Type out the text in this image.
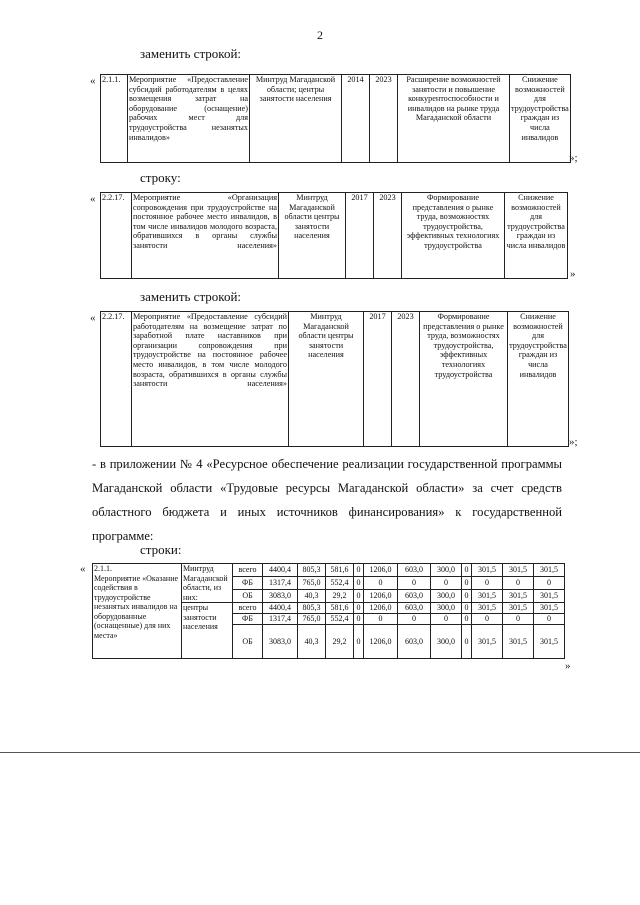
2
заменить строкой:
« 2.1.1.	Мероприятие «Предоставление субсидий работодателям в целях возмещения затрат на оборудование (оснащение) рабочих мест для трудоустройства незанятых инвалидов»	Минтруд Магаданской области; центры занятости населения	2014	2023	Расширение возможностей занятости и повышение конкурентоспособности и инвалидов на рынке труда Магаданской области	Снижение возможностей для трудоустройства граждан из числа инвалидов
»;
строку:
« 2.2.17.	Мероприятие «Организация сопровождения при трудоустройстве на постоянное рабочее место инвалидов, в том числе инвалидов молодого возраста, обратившихся в органы службы занятости населения»	Минтруд Магаданской области центры занятости населения	2017	2023	Формирование представления о рынке труда, возможностях трудоустройства, эффективных технологиях трудоустройства	Снижение возможностей для трудоустройства граждан из числа инвалидов
»
заменить строкой:
« 2.2.17.	Мероприятие «Предоставление субсидий работодателям на возмещение затрат по заработной плате наставников при организации сопровождения при трудоустройстве на постоянное рабочее место инвалидов, в том числе молодого возраста, обратившихся в органы службы занятости населения»	Минтруд Магаданской области центры занятости населения	2017	2023	Формирование представления о рынке труда, возможностях трудоустройства, эффективных технологиях трудоустройства	Снижение возможностей для трудоустройства граждан из числа инвалидов
»;
- в приложении № 4 «Ресурсное обеспечение реализации государственной программы Магаданской области «Трудовые ресурсы Магаданской области» за счет средств областного бюджета и иных источников финансирования» к государственной программе:
строки:
« 2.1.1.
Мероприятие «Оказание содействия в трудоустройстве незанятых инвалидов на оборудованные (оснащенные) для них места»	Минтруд Магаданской области, из них:	всего	4400,4	805,3	581,6	0	1206,0	603,0	300,0	0	301,5	301,5	301,5
		ФБ	1317,4	765,0	552,4	0	0	0	0	0	0	0	0
		ОБ	3083,0	40,3	29,2	0	1206,0	603,0	300,0	0	301,5	301,5	301,5
	центры занятости населения	всего	4400,4	805,3	581,6	0	1206,0	603,0	300,0	0	301,5	301,5	301,5
		ФБ	1317,4	765,0	552,4	0	0	0	0	0	0	0	0
		ОБ	3083,0	40,3	29,2	0	1206,0	603,0	300,0	0	301,5	301,5	301,5
»
